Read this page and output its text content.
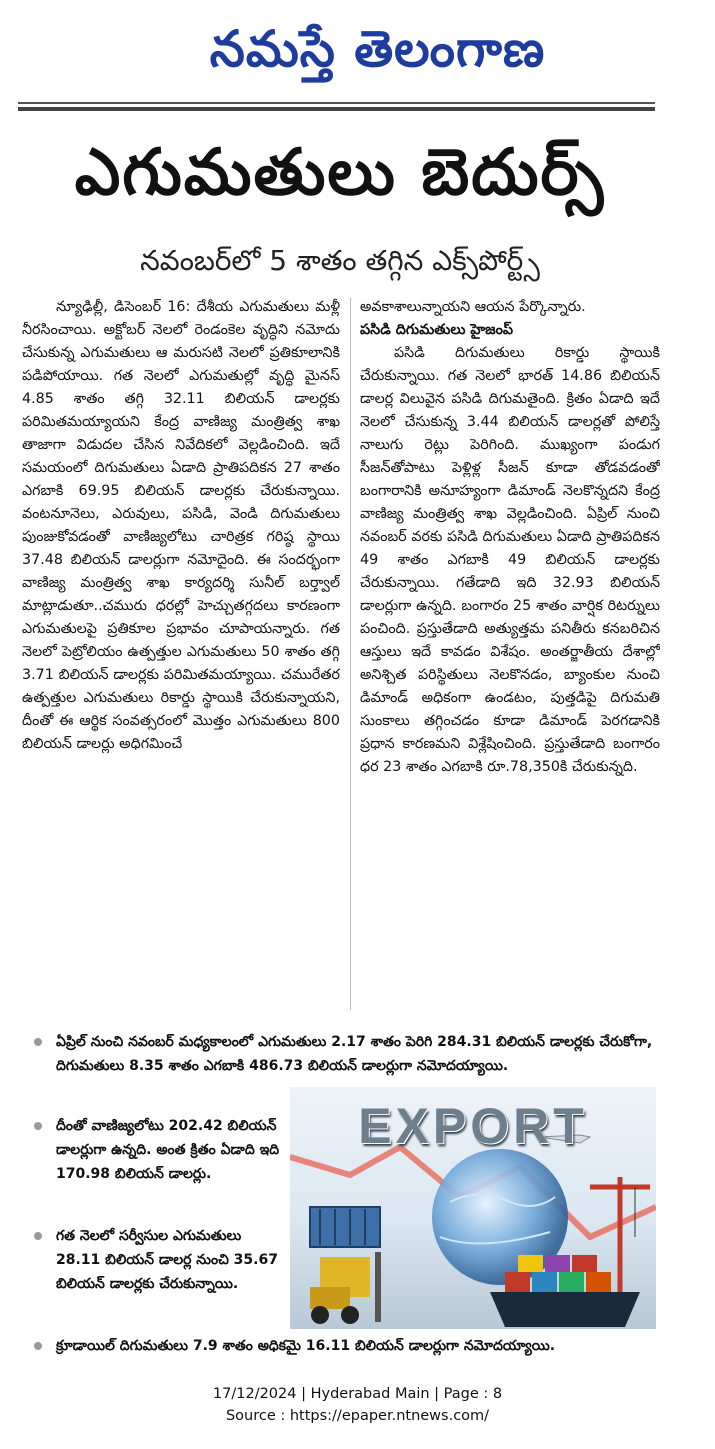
నమస్తే తెలంగాణ
ఎగుమతులు బెదుర్స్
నవంబర్‌లో 5 శాతం తగ్గిన ఎక్స్‌పోర్ట్స్

న్యూఢిల్లీ, డిసెంబర్ 16: దేశీయ ఎగుమతులు మళ్లీ నీరసించాయి. అక్టోబర్ నెలలో రెండంకెల వృద్ధిని నమోదు చేసుకున్న ఎగుమతులు ఆ మరుసటి నెలలో ప్రతికూలానికి పడిపోయాయి. గత నెలలో ఎగుమతుల్లో వృద్ధి మైనస్ 4.85 శాతం తగ్గి 32.11 బిలియన్ డాలర్లకు పరిమితమయ్యాయని కేంద్ర వాణిజ్య మంత్రిత్వ శాఖ తాజాగా విడుదల చేసిన నివేదికలో వెల్లడించింది. ఇదే సమయంలో దిగుమతులు ఏడాది ప్రాతిపదికన 27 శాతం ఎగబాకి 69.95 బిలియన్ డాలర్లకు చేరుకున్నాయి. వంటనూనెలు, ఎరువులు, పసిడి, వెండి దిగుమతులు పుంజుకోవడంతో వాణిజ్యలోటు చారిత్రక గరిష్ఠ స్థాయి 37.48 బిలియన్ డాలర్లుగా నమోదైంది. ఈ సందర్భంగా వాణిజ్య మంత్రిత్వ శాఖ కార్యదర్శి సునీల్ బర్త్వాల్ మాట్లాడుతూ..చమురు ధరల్లో హెచ్చుతగ్గదలు కారణంగా ఎగుమతులపై ప్రతికూల ప్రభావం చూపాయన్నారు. గత నెలలో పెట్రోలియం ఉత్పత్తుల ఎగుమతులు 50 శాతం తగ్గి 3.71 బిలియన్ డాలర్లకు పరిమితమయ్యాయి. చమురేతర ఉత్పత్తుల ఎగుమతులు రికార్డు స్థాయికి చేరుకున్నాయని, దీంతో ఈ ఆర్థిక సంవత్సరంలో మొత్తం ఎగుమతులు 800 బిలియన్ డాలర్లు అధిగమించే

అవకాశాలున్నాయని ఆయన పేర్కొన్నారు.

పసిడి దిగుమతులు హైజంప్

పసిడి దిగుమతులు రికార్డు స్థాయికి చేరుకున్నాయి. గత నెలలో భారత్ 14.86 బిలియన్ డాలర్ల విలువైన పసిడి దిగుమతైంది. క్రితం ఏడాది ఇదే నెలలో చేసుకున్న 3.44 బిలియన్ డాలర్లతో పోలిస్తే నాలుగు రెట్లు పెరిగింది. ముఖ్యంగా పండుగ సీజన్‌తోపాటు పెళ్లిళ్ల సీజన్ కూడా తోడవడంతో బంగారానికి అనూహ్యంగా డిమాండ్ నెలకొన్నదని కేంద్ర వాణిజ్య మంత్రిత్వ శాఖ వెల్లడించింది. ఏప్రిల్ నుంచి నవంబర్ వరకు పసిడి దిగుమతులు ఏడాది ప్రాతిపదికన 49 శాతం ఎగబాకి 49 బిలియన్ డాలర్లకు చేరుకున్నాయి. గతేడాది ఇది 32.93 బిలియన్ డాలర్లుగా ఉన్నది. బంగారం 25 శాతం వార్షిక రిటర్నులు పంచింది. ప్రస్తుతేడాది అత్యుత్తమ పనితీరు కనబరిచిన ఆస్తులు ఇదే కావడం విశేషం. అంతర్జాతీయ దేశాల్లో అనిశ్చిత పరిస్థితులు నెలకొనడం, బ్యాంకుల నుంచి డిమాండ్ అధికంగా ఉండటం, పుత్తడిపై దిగుమతి సుంకాలు తగ్గించడం కూడా డిమాండ్ పెరగడానికి ప్రధాన కారణమని విశ్లేషించింది. ప్రస్తుతేడాది బంగారం ధర 23 శాతం ఎగబాకి రూ.78,350కి చేరుకున్నది.

ఏప్రిల్ నుంచి నవంబర్ మధ్యకాలంలో ఎగుమతులు 2.17 శాతం పెరిగి 284.31 బిలియన్ డాలర్లకు చేరుకోగా, దిగుమతులు 8.35 శాతం ఎగబాకి 486.73 బిలియన్ డాలర్లుగా నమోదయ్యాయి.
దీంతో వాణిజ్యలోటు 202.42 బిలియన్ డాలర్లుగా ఉన్నది. అంత క్రితం ఏడాది ఇది 170.98 బిలియన్ డాలర్లు.
గత నెలలో సర్వీసుల ఎగుమతులు 28.11 బిలియన్ డాలర్ల నుంచి 35.67 బిలియన్ డాలర్లకు చేరుకున్నాయి.
క్రూడాయిల్ దిగుమతులు 7.9 శాతం అధికమై 16.11 బిలియన్ డాలర్లుగా నమోదయ్యాయి.
EXPORT
17/12/2024 | Hyderabad Main | Page : 8
Source : https://epaper.ntnews.com/
